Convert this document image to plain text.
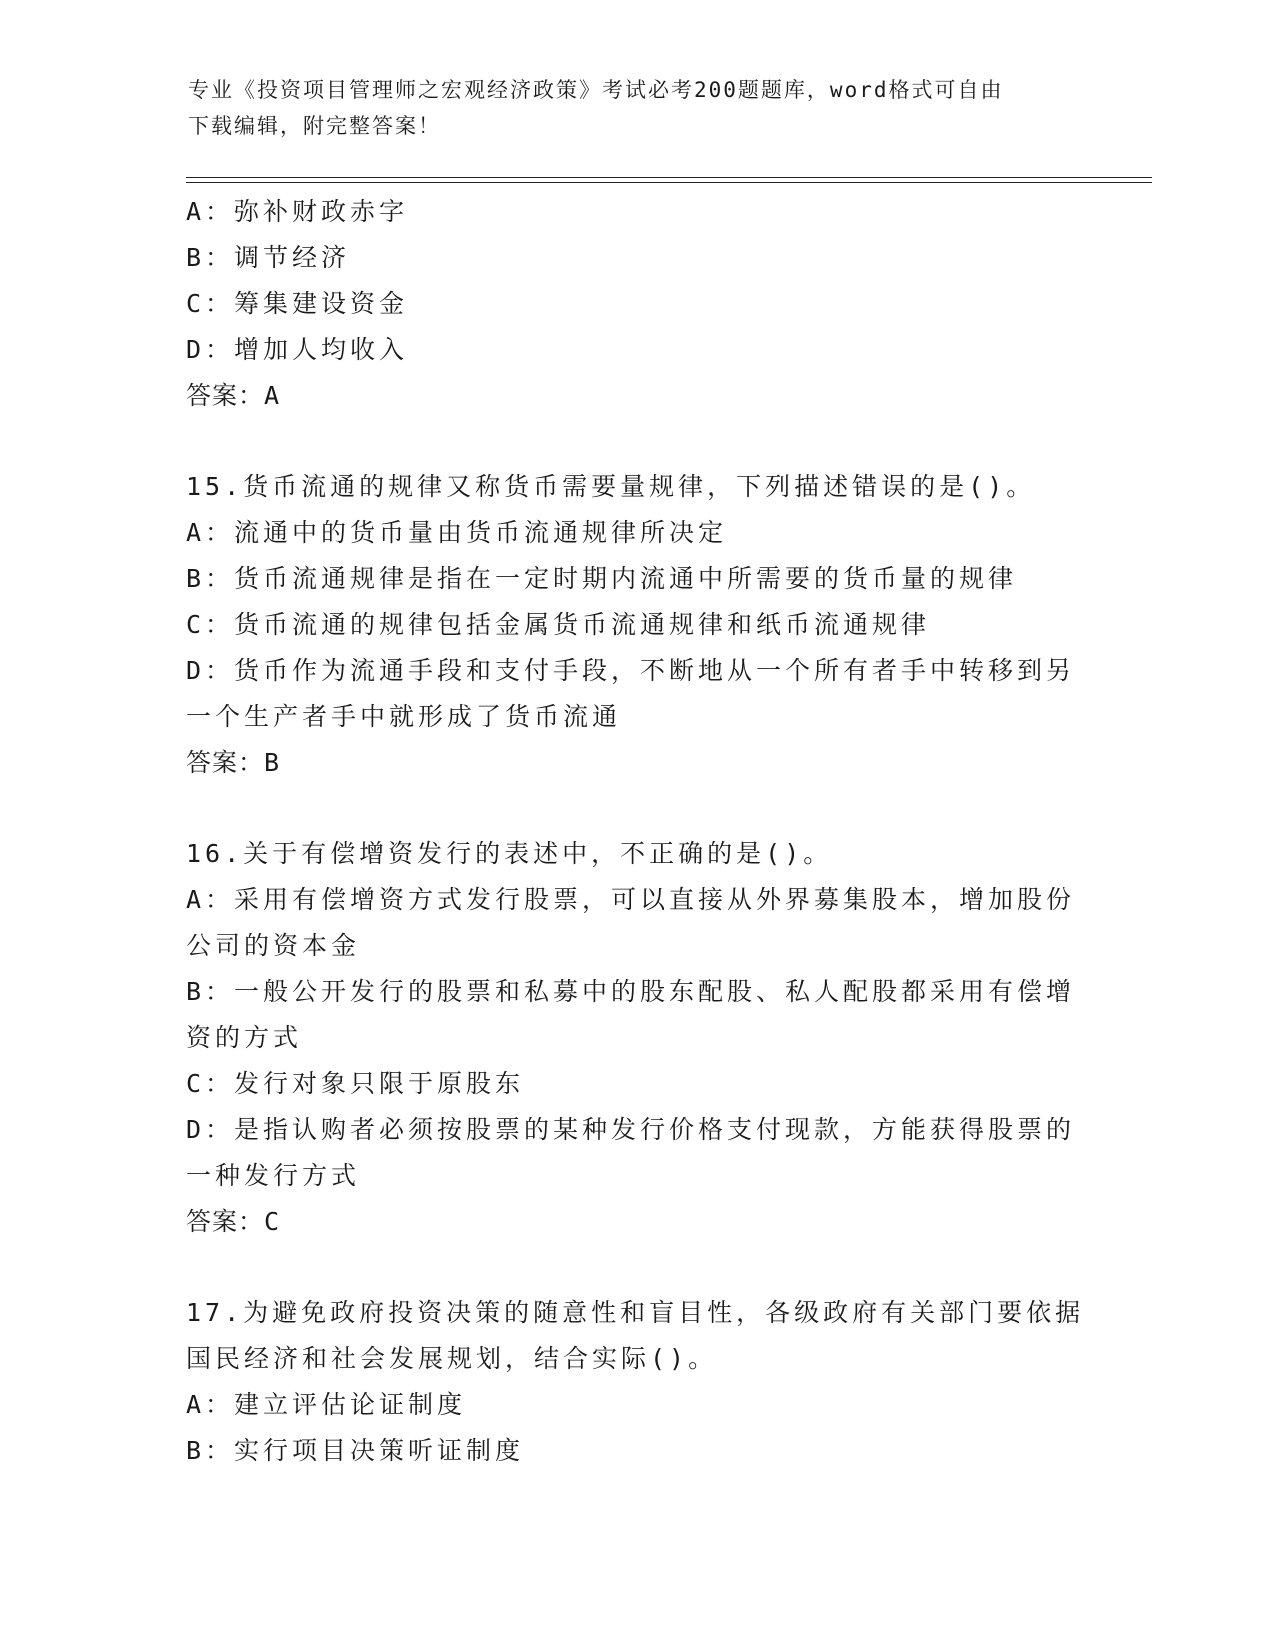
专业《投资项目管理师之宏观经济政策》考试必考200题题库，word格式可自由
下载编辑，附完整答案！
A：弥补财政赤字
B：调节经济
C：筹集建设资金
D：增加人均收入
答案：A
15.货币流通的规律又称货币需要量规律，下列描述错误的是()。
A：流通中的货币量由货币流通规律所决定
B：货币流通规律是指在一定时期内流通中所需要的货币量的规律
C：货币流通的规律包括金属货币流通规律和纸币流通规律
D：货币作为流通手段和支付手段，不断地从一个所有者手中转移到另
一个生产者手中就形成了货币流通
答案：B
16.关于有偿增资发行的表述中，不正确的是()。
A：采用有偿增资方式发行股票，可以直接从外界募集股本，增加股份
公司的资本金
B：一般公开发行的股票和私募中的股东配股、私人配股都采用有偿增
资的方式
C：发行对象只限于原股东
D：是指认购者必须按股票的某种发行价格支付现款，方能获得股票的
一种发行方式
答案：C
17.为避免政府投资决策的随意性和盲目性，各级政府有关部门要依据
国民经济和社会发展规划，结合实际()。
A：建立评估论证制度
B：实行项目决策听证制度
